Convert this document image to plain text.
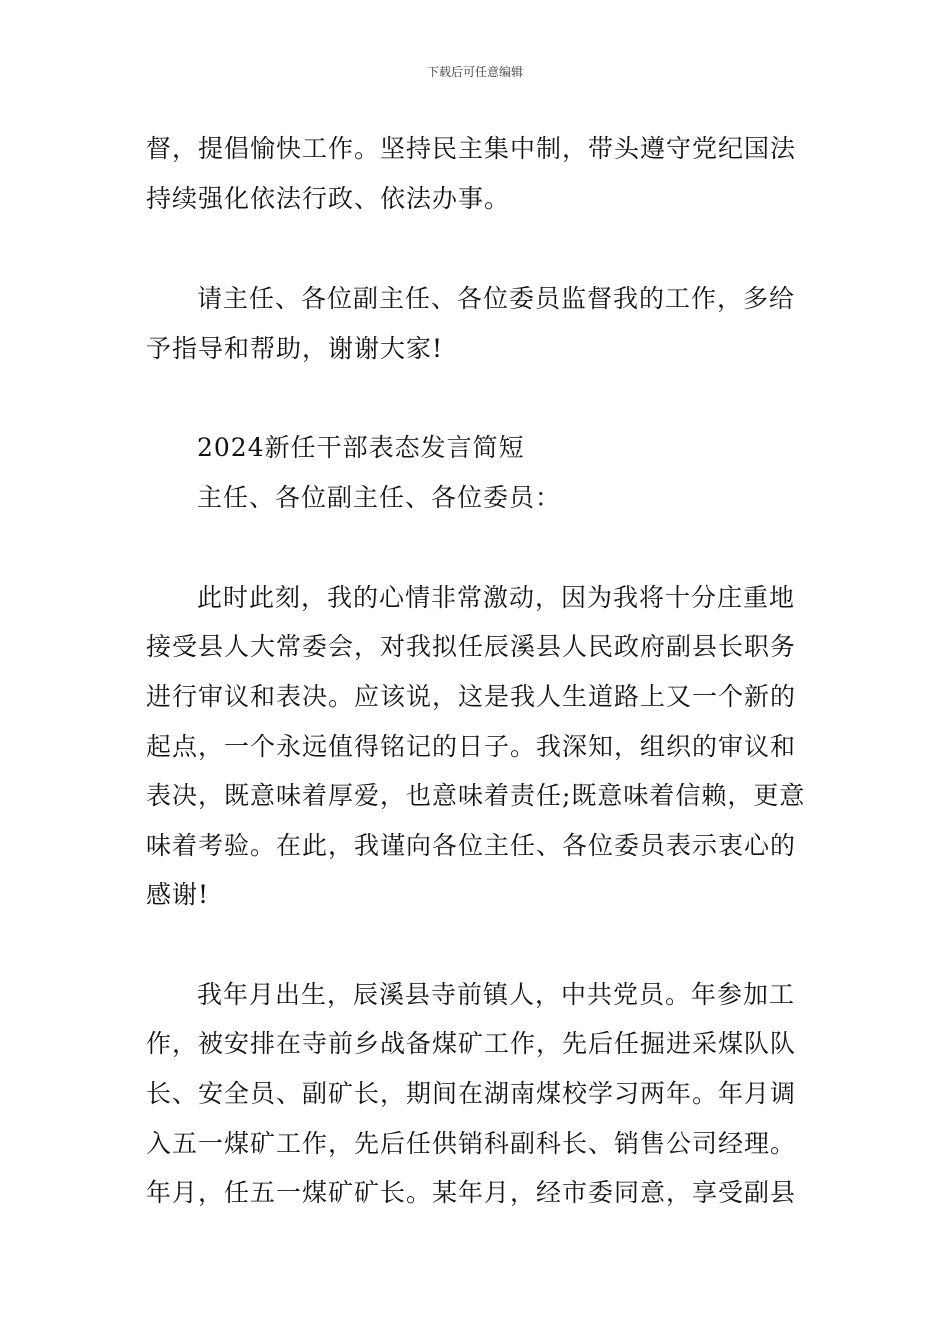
下载后可任意编辑
督，提倡愉快工作。坚持民主集中制，带头遵守党纪国法
持续强化依法行政、依法办事。
请主任、各位副主任、各位委员监督我的工作，多给
予指导和帮助，谢谢大家!
2024新任干部表态发言简短
主任、各位副主任、各位委员：
此时此刻，我的心情非常激动，因为我将十分庄重地
接受县人大常委会，对我拟任辰溪县人民政府副县长职务
进行审议和表决。应该说，这是我人生道路上又一个新的
起点，一个永远值得铭记的日子。我深知，组织的审议和
表决，既意味着厚爱，也意味着责任;既意味着信赖，更意
味着考验。在此，我谨向各位主任、各位委员表示衷心的
感谢!
我年月出生，辰溪县寺前镇人，中共党员。年参加工
作，被安排在寺前乡战备煤矿工作，先后任掘进采煤队队
长、安全员、副矿长，期间在湖南煤校学习两年。年月调
入五一煤矿工作，先后任供销科副科长、销售公司经理。
年月，任五一煤矿矿长。某年月，经市委同意，享受副县
